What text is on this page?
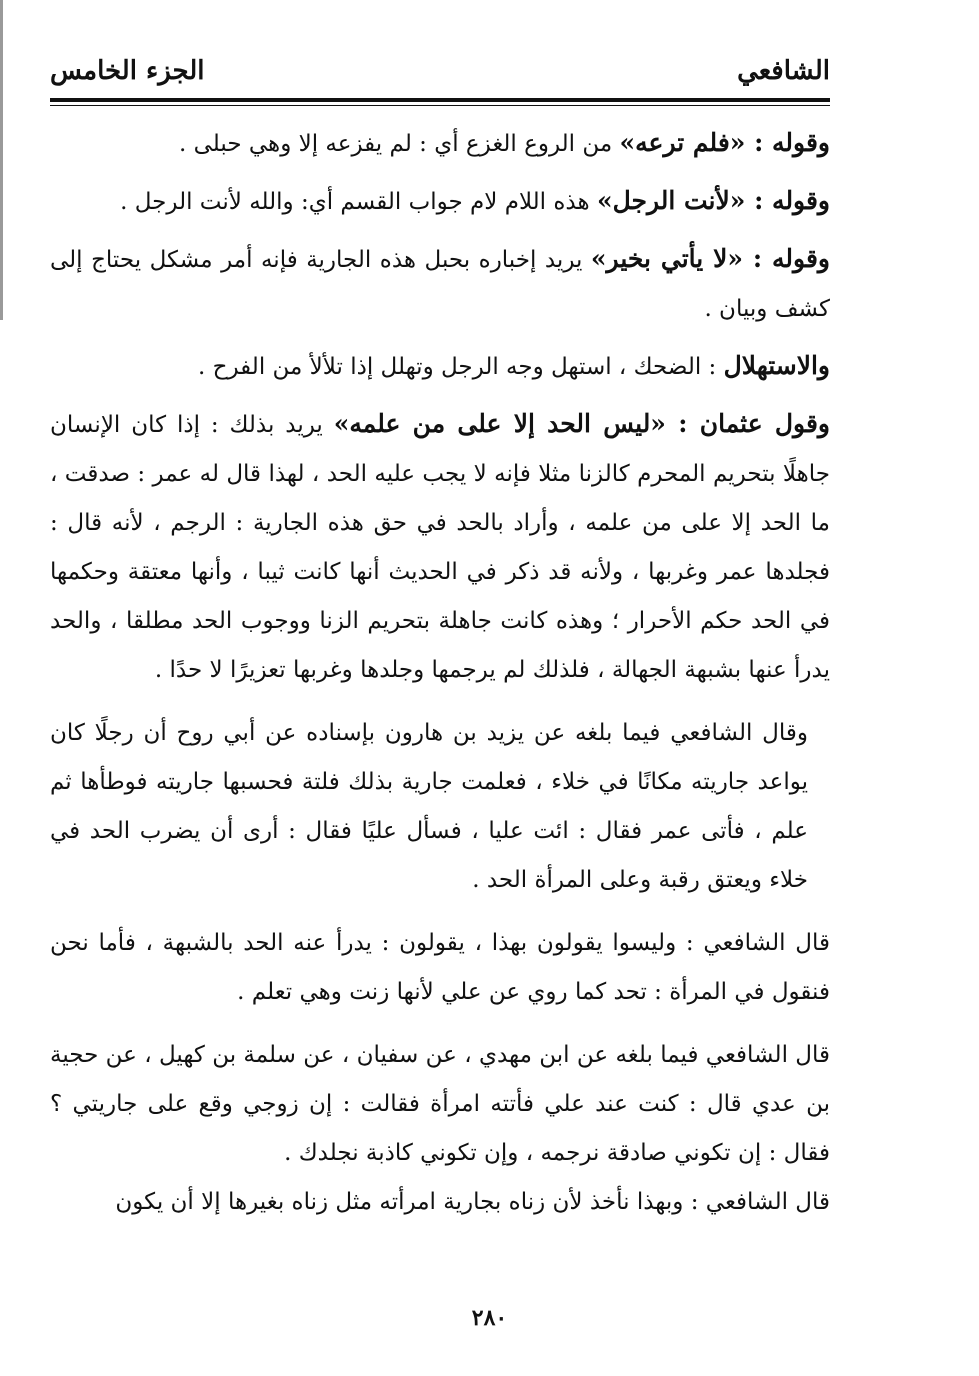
الشافعي
الجزء الخامس

وقوله : «فلم ترعه» من الروع الغزع أي : لم يفزعه إلا وهي حبلى .

وقوله : «لأنت الرجل» هذه اللام لام جواب القسم أي: والله لأنت الرجل .

وقوله : «لا يأتي بخير» يريد إخباره بحبل هذه الجارية فإنه أمر مشكل يحتاج إلى كشف وبيان .

والاستهلال : الضحك ، استهل وجه الرجل وتهلل إذا تلألأ من الفرح .

وقول عثمان : «ليس الحد إلا على من علمه» يريد بذلك : إذا كان الإنسان جاهلًا بتحريم المحرم كالزنا مثلا فإنه لا يجب عليه الحد ، لهذا قال له عمر : صدقت ، ما الحد إلا على من علمه ، وأراد بالحد في حق هذه الجارية : الرجم ، لأنه قال : فجلدها عمر وغربها ، ولأنه قد ذكر في الحديث أنها كانت ثيبا ، وأنها معتقة وحكمها في الحد حكم الأحرار ؛ وهذه كانت جاهلة بتحريم الزنا ووجوب الحد مطلقا ، والحد يدرأ عنها بشبهة الجهالة ، فلذلك لم يرجمها وجلدها وغربها تعزيرًا لا حدًا .

وقال الشافعي فيما بلغه عن يزيد بن هارون بإسناده عن أبي روح أن رجلًا كان يواعد جاريته مكانًا في خلاء ، فعلمت جارية بذلك فلتة فحسبها جاريته فوطأها ثم علم ، فأتى عمر فقال : ائت عليا ، فسأل عليًا فقال : أرى أن يضرب الحد في خلاء ويعتق رقبة وعلى المرأة الحد .

قال الشافعي : وليسوا يقولون بهذا ، يقولون : يدرأ عنه الحد بالشبهة ، فأما نحن فنقول في المرأة : تحد كما روي عن علي لأنها زنت وهي تعلم .

قال الشافعي فيما بلغه عن ابن مهدي ، عن سفيان ، عن سلمة بن كهيل ، عن حجية بن عدي قال : كنت عند علي فأتته امرأة فقالت : إن زوجي وقع على جاريتي ؟ فقال : إن تكوني صادقة نرجمه ، وإن تكوني كاذبة نجلدك .

قال الشافعي : وبهذا نأخذ لأن زناه بجارية امرأته مثل زناه بغيرها إلا أن يكون

٢٨٠
